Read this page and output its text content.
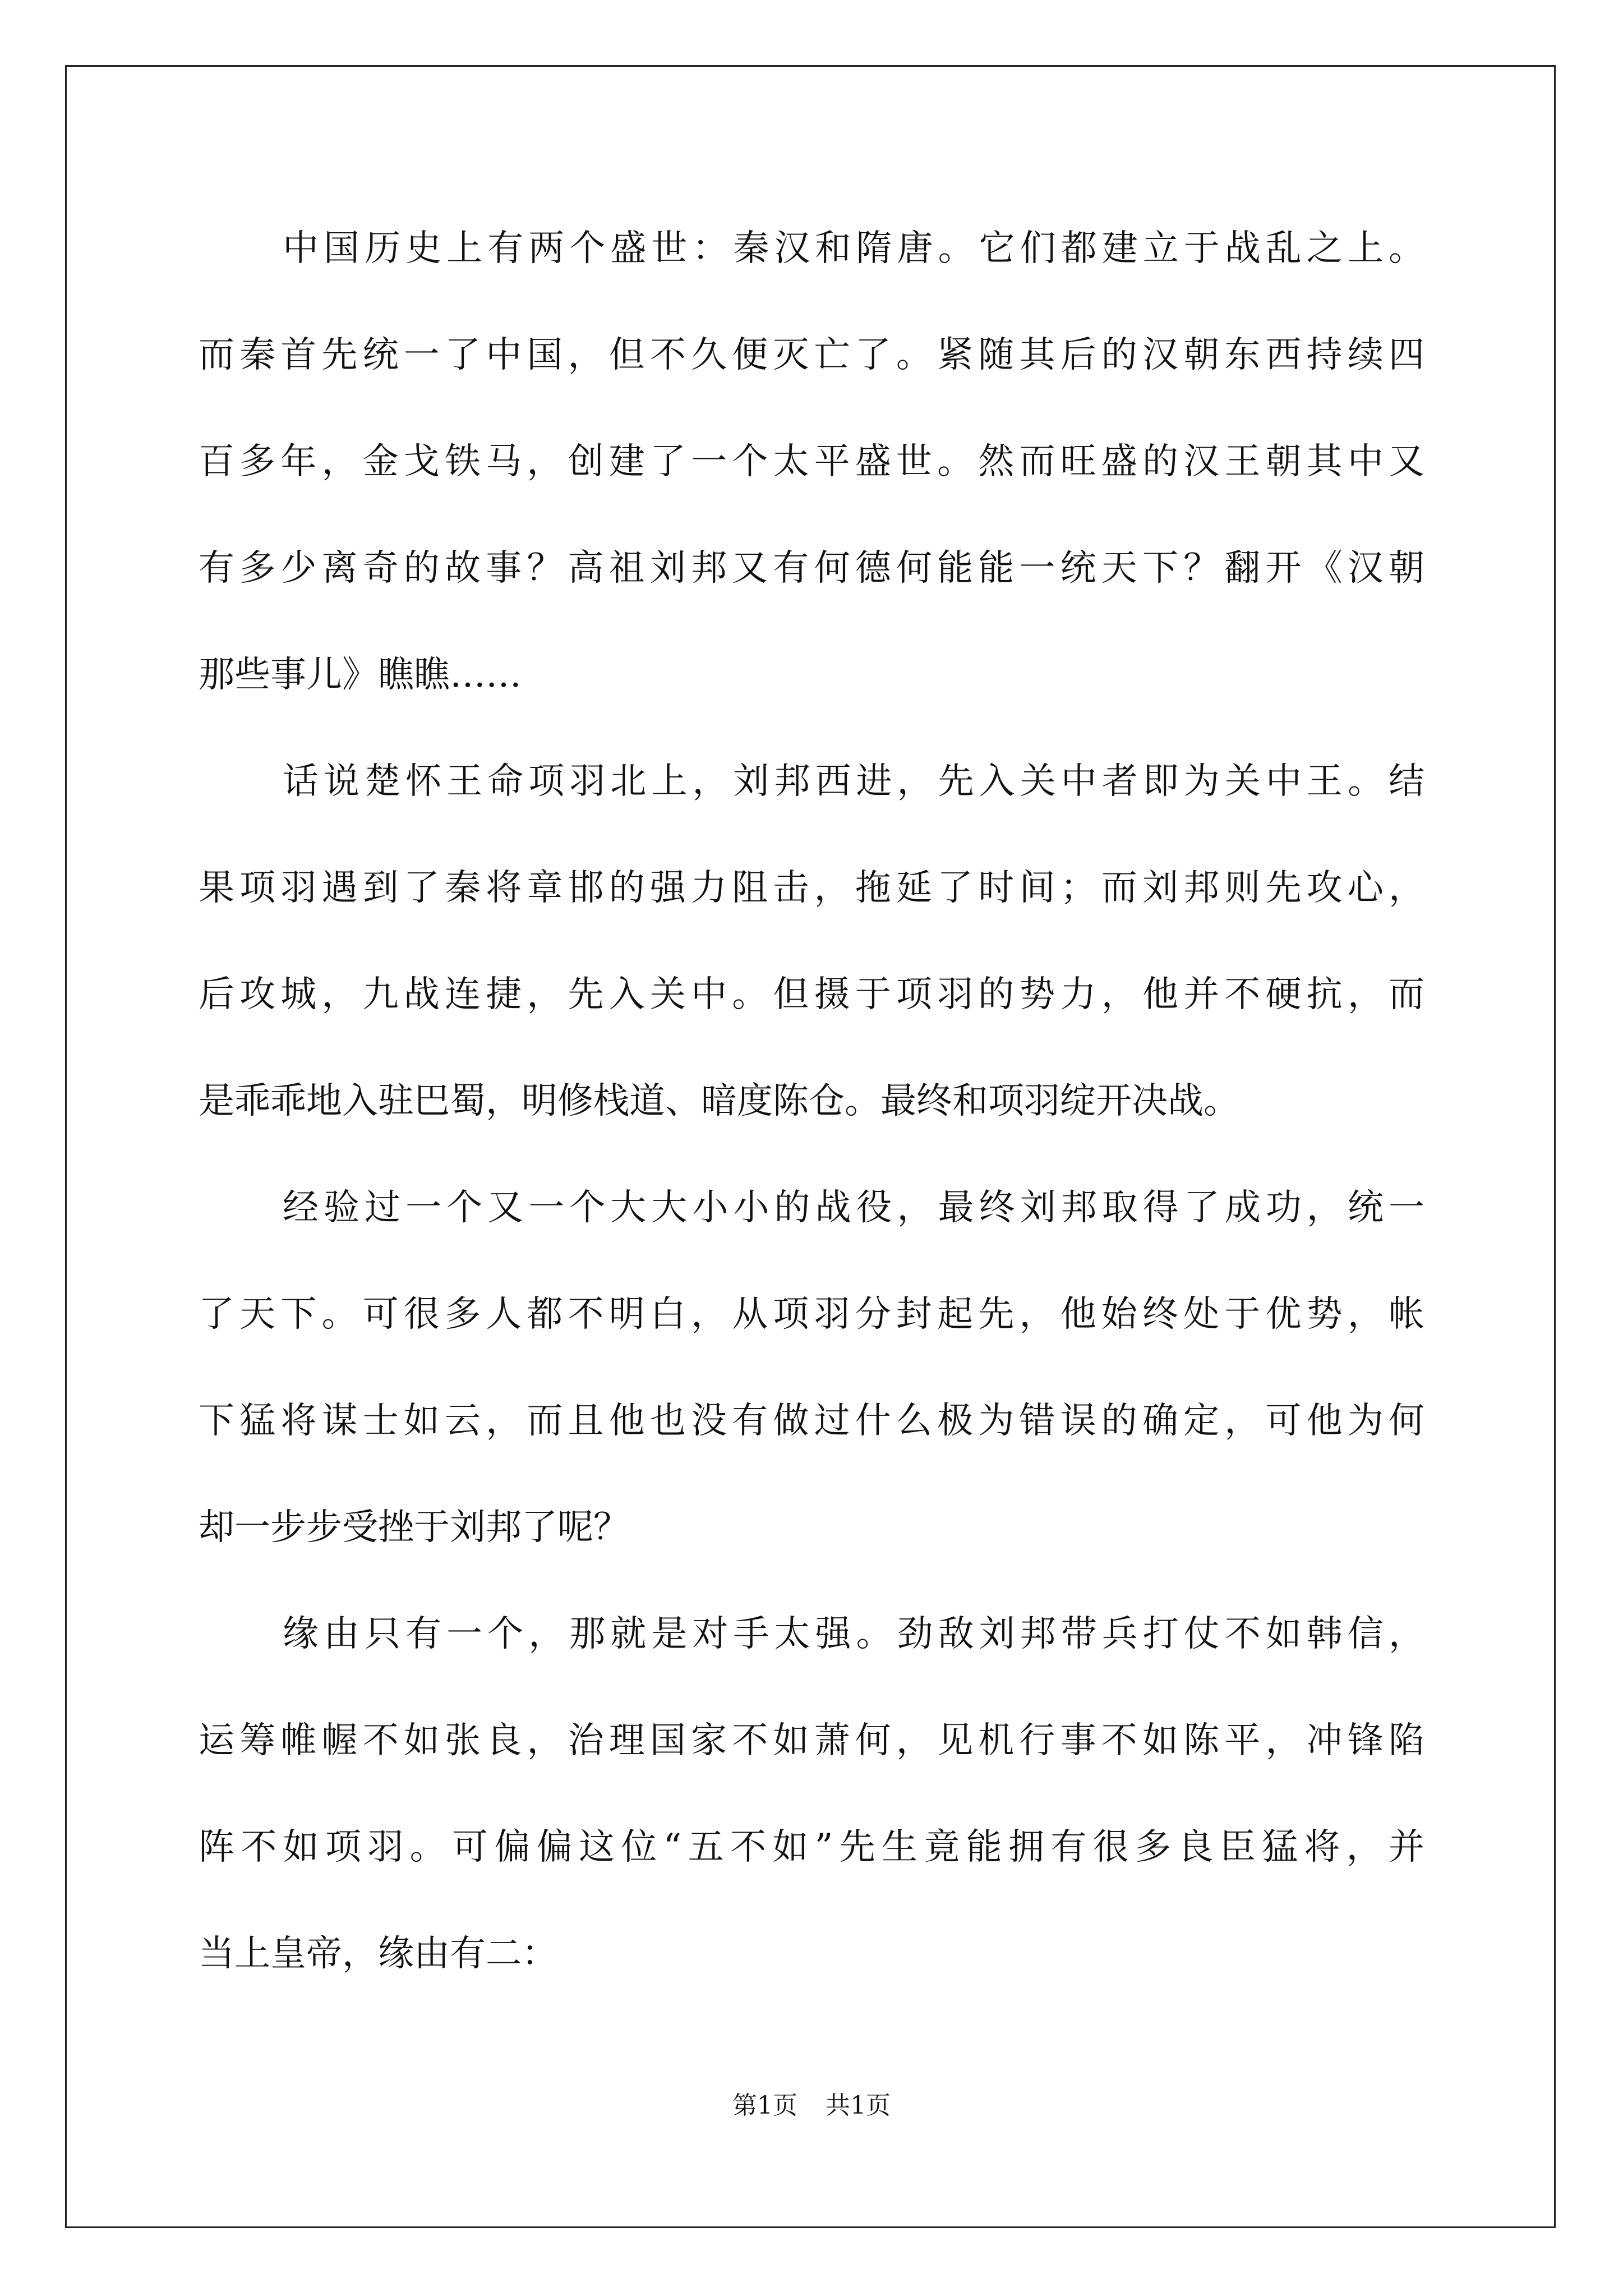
中国历史上有两个盛世：秦汉和隋唐。它们都建立于战乱之上。
而秦首先统一了中国，但不久便灭亡了。紧随其后的汉朝东西持续四
百多年，金戈铁马，创建了一个太平盛世。然而旺盛的汉王朝其中又
有多少离奇的故事？高祖刘邦又有何德何能能一统天下？翻开《汉朝
那些事儿》瞧瞧……
话说楚怀王命项羽北上，刘邦西进，先入关中者即为关中王。结
果项羽遇到了秦将章邯的强力阻击，拖延了时间；而刘邦则先攻心，
后攻城，九战连捷，先入关中。但摄于项羽的势力，他并不硬抗，而
是乖乖地入驻巴蜀，明修栈道、暗度陈仓。最终和项羽绽开决战。
经验过一个又一个大大小小的战役，最终刘邦取得了成功，统一
了天下。可很多人都不明白，从项羽分封起先，他始终处于优势，帐
下猛将谋士如云，而且他也没有做过什么极为错误的确定，可他为何
却一步步受挫于刘邦了呢？
缘由只有一个，那就是对手太强。劲敌刘邦带兵打仗不如韩信，
运筹帷幄不如张良，治理国家不如萧何，见机行事不如陈平，冲锋陷
阵不如项羽。可偏偏这位“五不如”先生竟能拥有很多良臣猛将，并
当上皇帝，缘由有二：
第1页 共1页
